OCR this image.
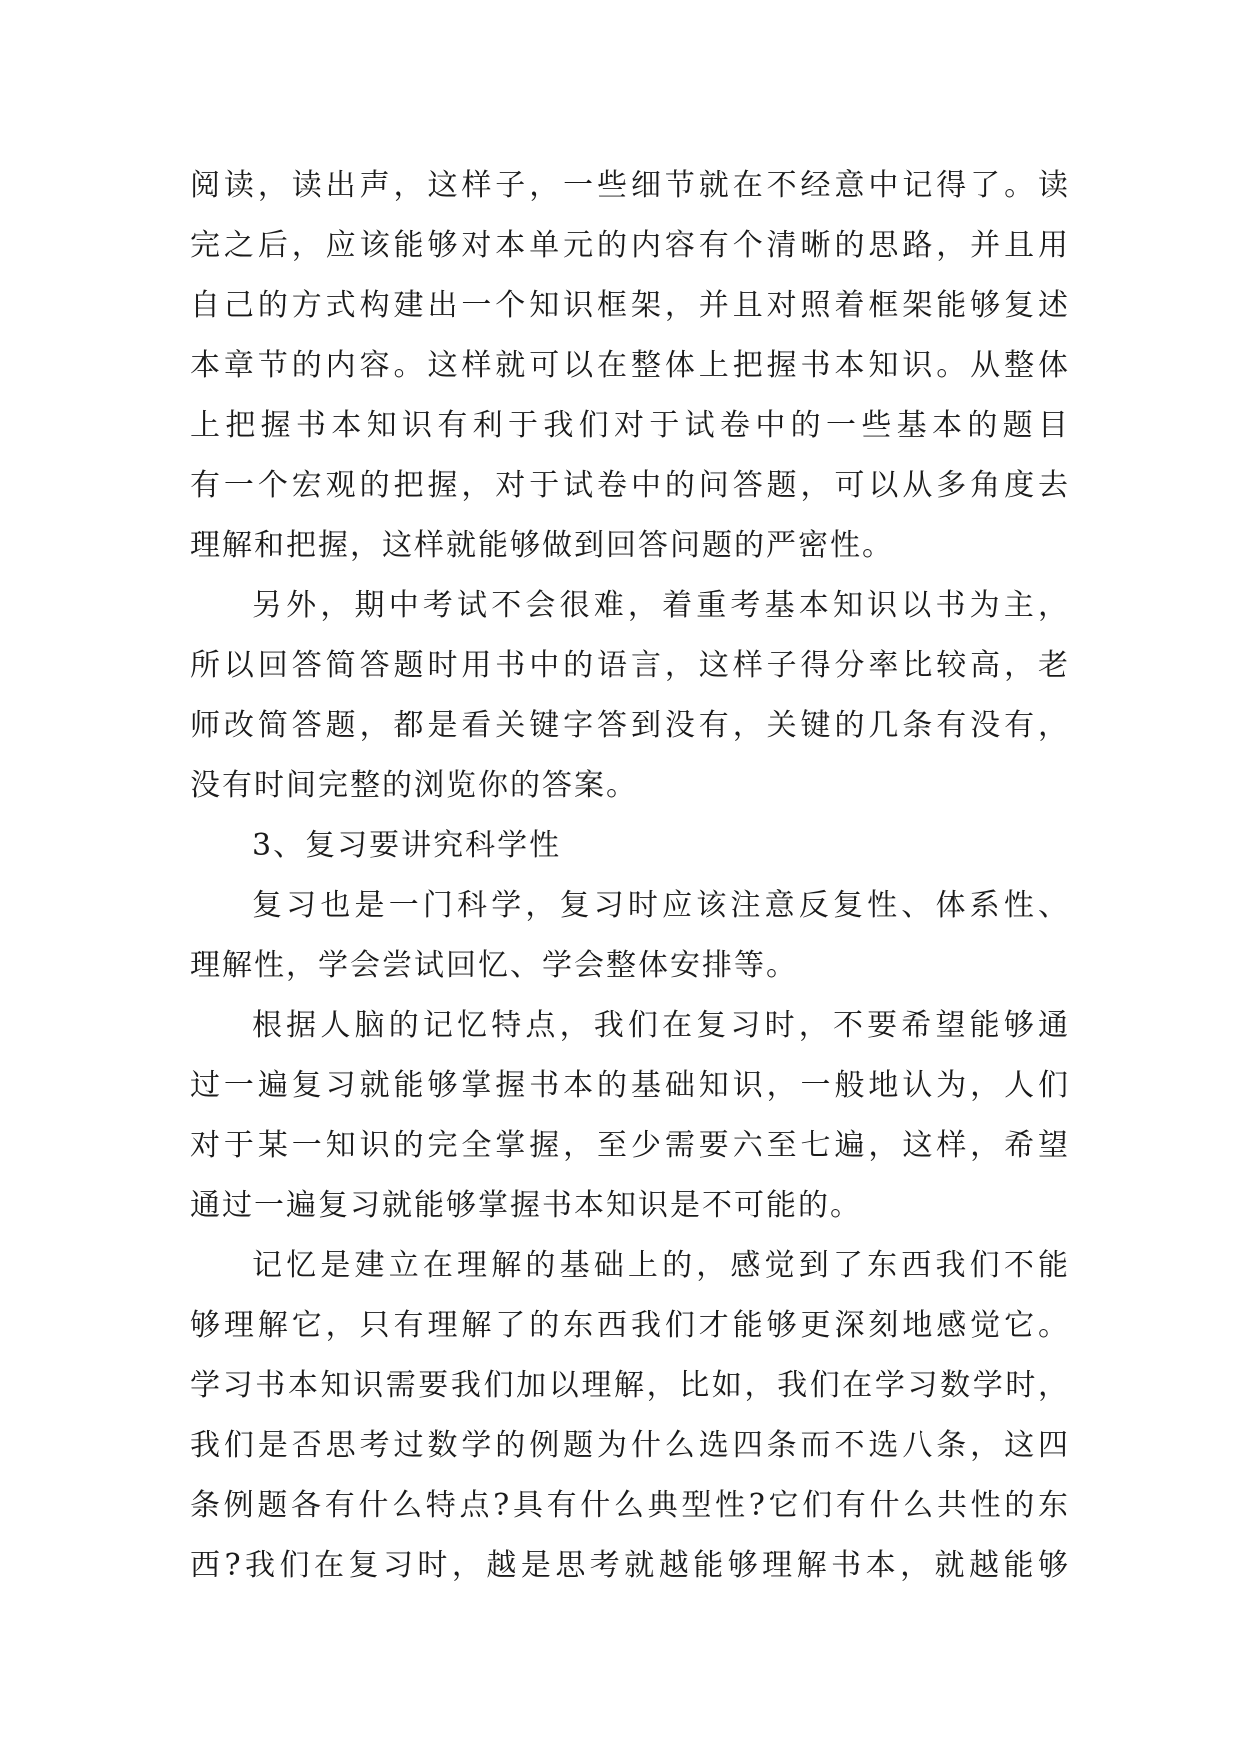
阅读，读出声，这样子，一些细节就在不经意中记得了。读
完之后，应该能够对本单元的内容有个清晰的思路，并且用
自己的方式构建出一个知识框架，并且对照着框架能够复述
本章节的内容。这样就可以在整体上把握书本知识。从整体
上把握书本知识有利于我们对于试卷中的一些基本的题目
有一个宏观的把握，对于试卷中的问答题，可以从多角度去
理解和把握，这样就能够做到回答问题的严密性。
另外，期中考试不会很难，着重考基本知识以书为主，
所以回答简答题时用书中的语言，这样子得分率比较高，老
师改简答题，都是看关键字答到没有，关键的几条有没有，
没有时间完整的浏览你的答案。
3、复习要讲究科学性
复习也是一门科学，复习时应该注意反复性、体系性、
理解性，学会尝试回忆、学会整体安排等。
根据人脑的记忆特点，我们在复习时，不要希望能够通
过一遍复习就能够掌握书本的基础知识，一般地认为，人们
对于某一知识的完全掌握，至少需要六至七遍，这样，希望
通过一遍复习就能够掌握书本知识是不可能的。
记忆是建立在理解的基础上的，感觉到了东西我们不能
够理解它，只有理解了的东西我们才能够更深刻地感觉它。
学习书本知识需要我们加以理解，比如，我们在学习数学时，
我们是否思考过数学的例题为什么选四条而不选八条，这四
条例题各有什么特点?具有什么典型性?它们有什么共性的东
西?我们在复习时，越是思考就越能够理解书本，就越能够
